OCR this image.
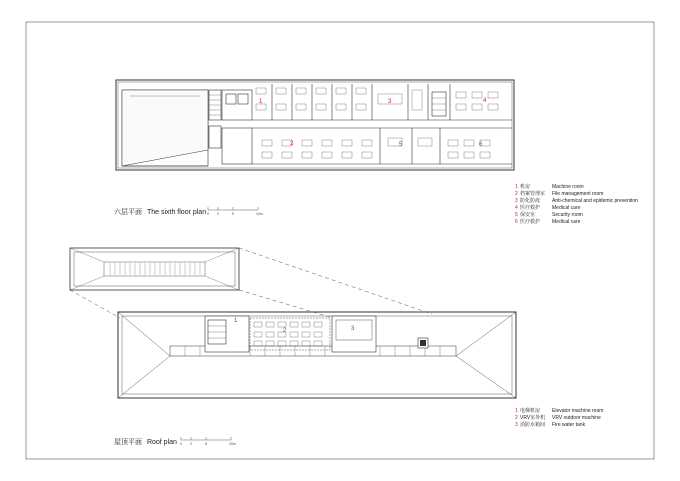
1
2
3	4
5	6
1
2	3
六层平面 The sixth floor plan 0 2	5	10m
1 机房	Machine room
2 档案管理室	File management room
3 防化防疫	Anti-chemical and epidemic prevention
4 医疗救护	Medical care
5 保安室	Security room
6 医疗救护	Medical care
屋顶平面 Roof plan 0 2	5	10m
1 电梯机房	Elevator machine room
2 VRV室外机	VRV outdoor machine
3 消防水箱间	Fire water tank
